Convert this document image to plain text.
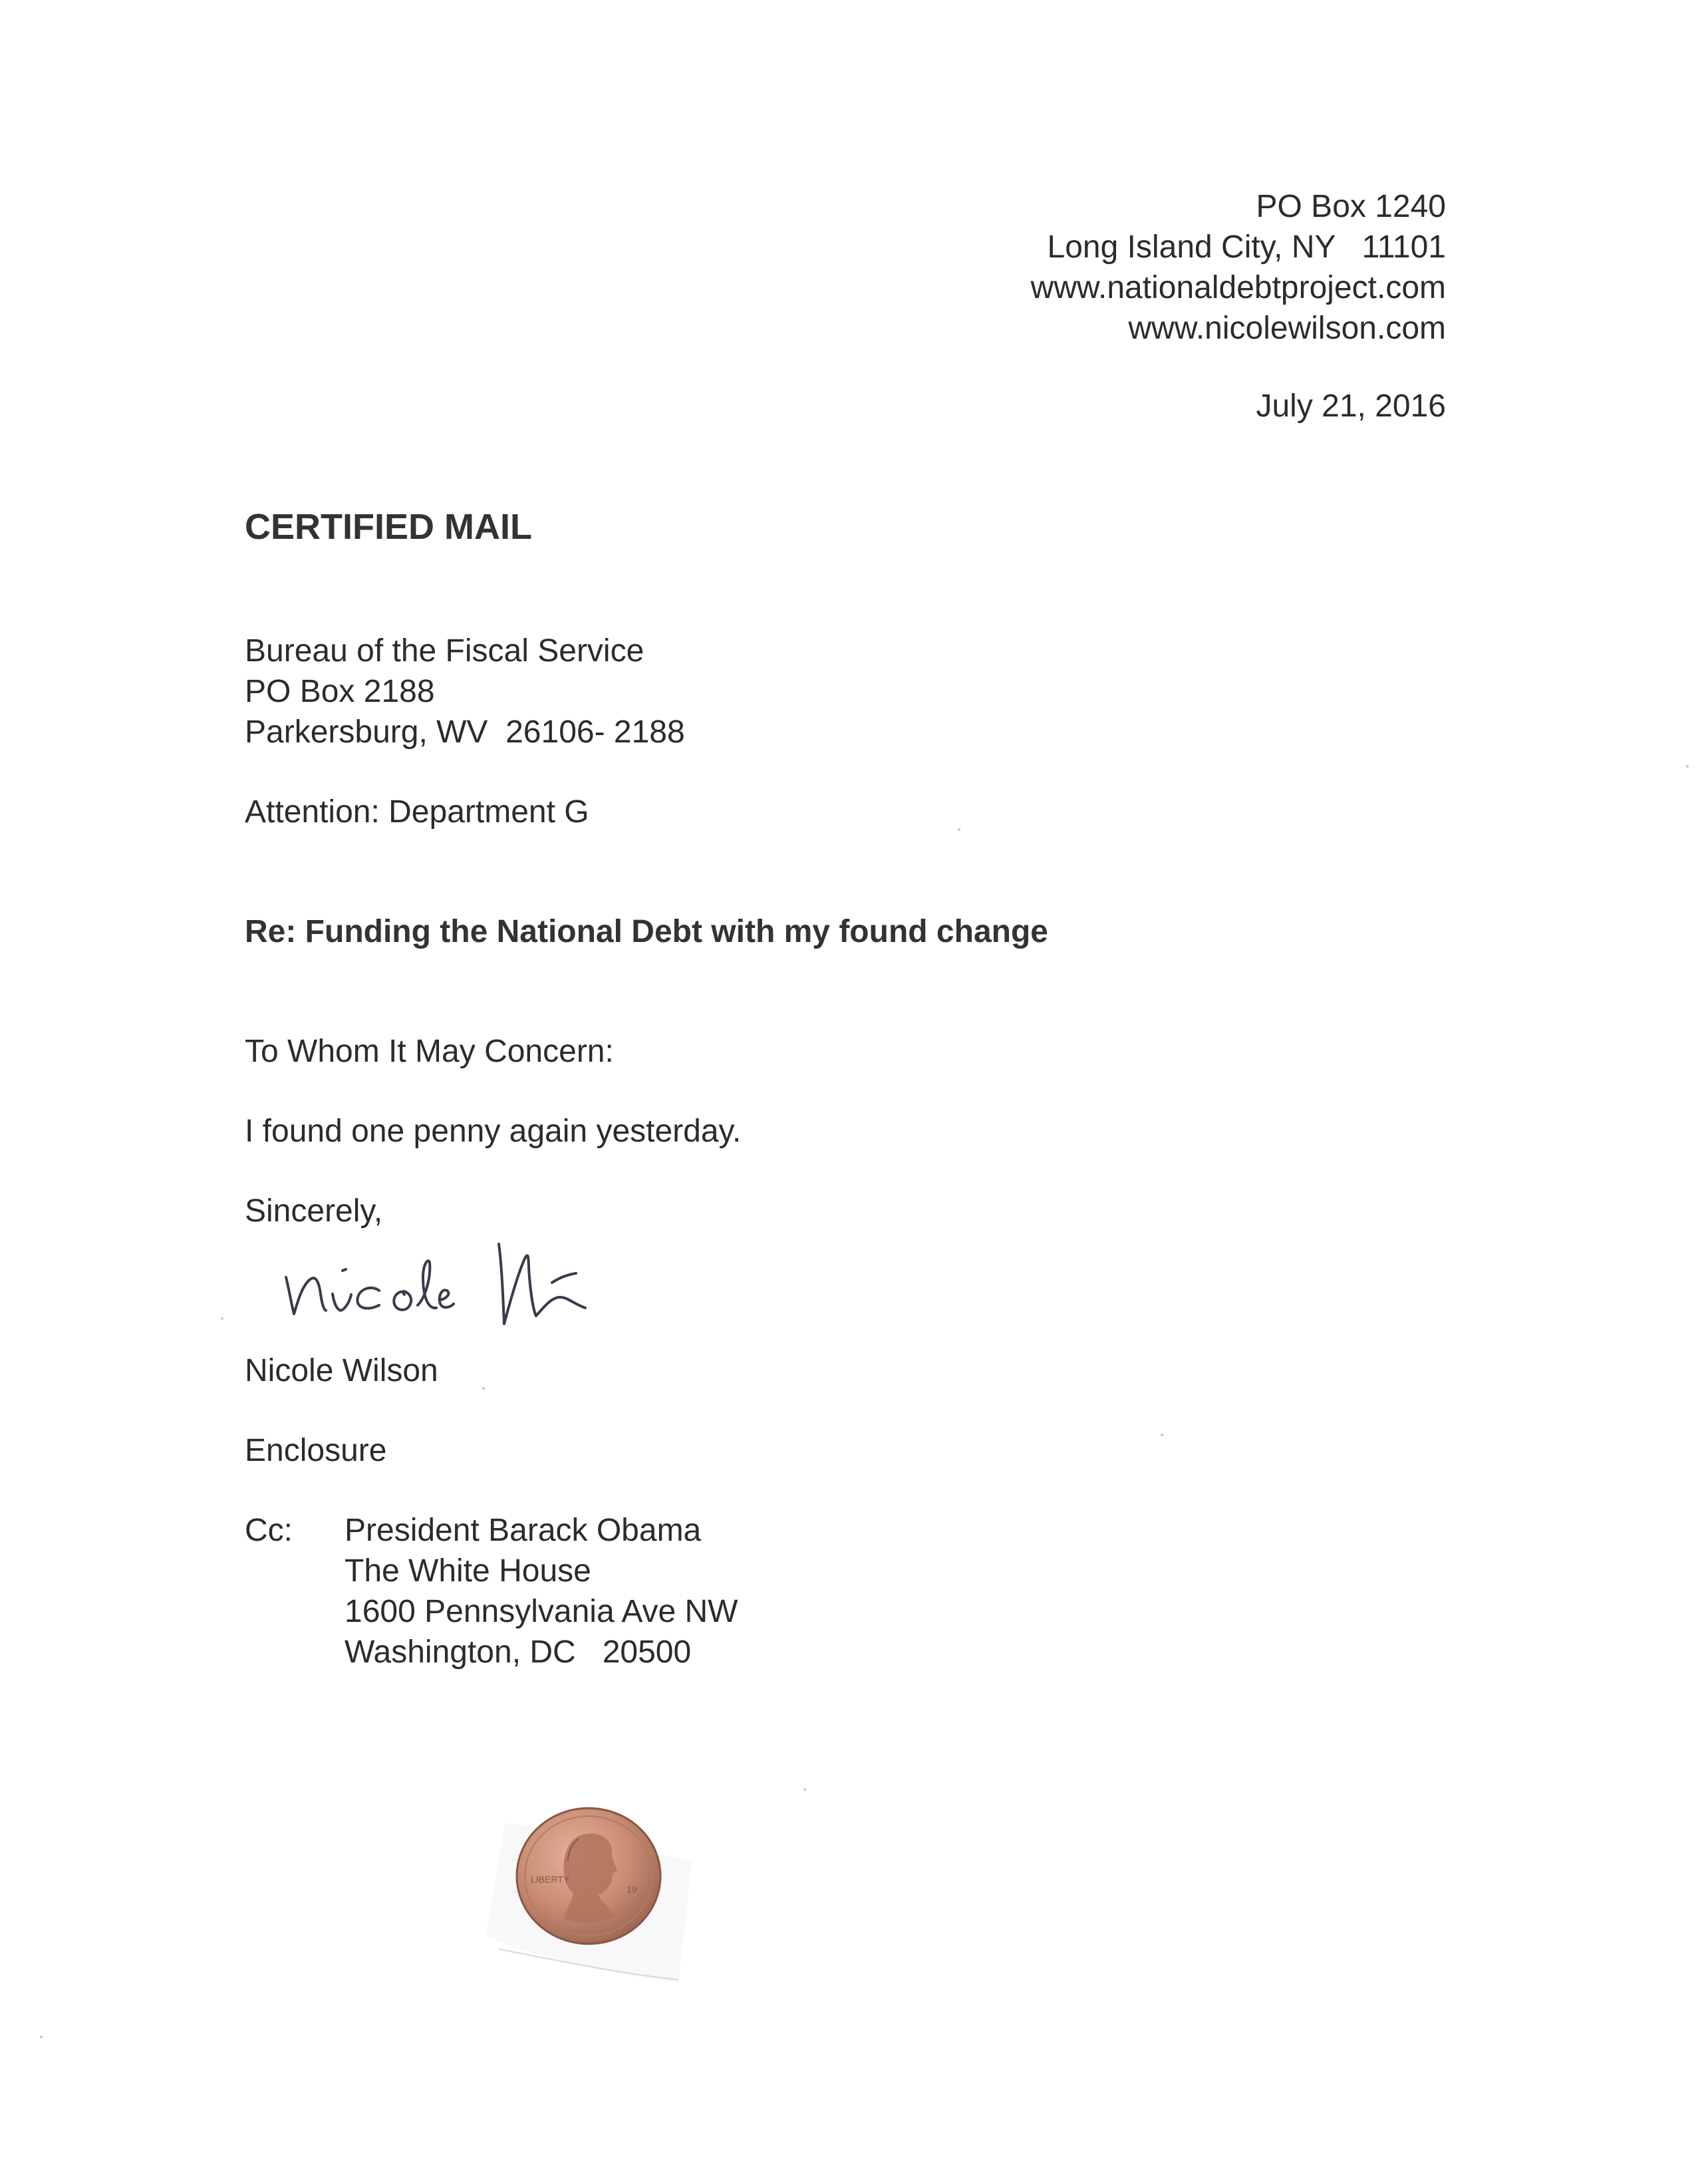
PO Box 1240

Long Island City, NY   11101

www.nationaldebtproject.com

www.nicolewilson.com

July 21, 2016

CERTIFIED MAIL

Bureau of the Fiscal Service

PO Box 2188

Parkersburg, WV  26106- 2188

Attention: Department G

Re: Funding the National Debt with my found change

To Whom It May Concern:

I found one penny again yesterday.

Sincerely,

Nicole Wilson

Enclosure

Cc: President Barack Obama

The White House

1600 Pennsylvania Ave NW

Washington, DC   20500

LIBERTY
19
